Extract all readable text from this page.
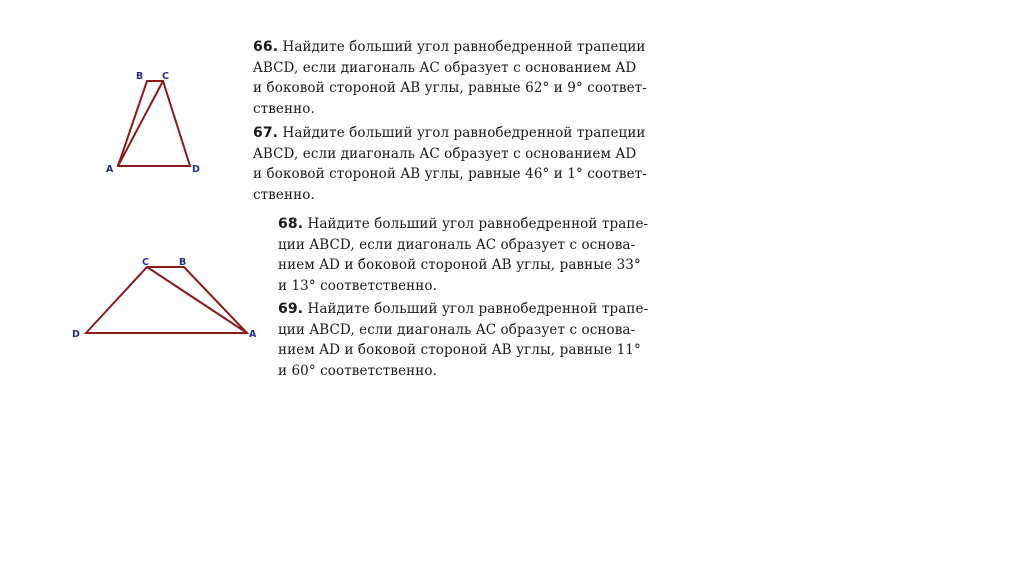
B C
A	D
C	B
D	A
66. Найдите больший угол равнобедренной трапеции
ABCD, если диагональ AC образует с основанием AD
и боковой стороной AB углы, равные 62° и 9° соответ-
ственно.
67. Найдите больший угол равнобедренной трапеции
ABCD, если диагональ AC образует с основанием AD
и боковой стороной AB углы, равные 46° и 1° соответ-
ственно.
68. Найдите больший угол равнобедренной трапе-
ции ABCD, если диагональ AC образует с основа-
нием AD и боковой стороной AB углы, равные 33°
и 13° соответственно.
69. Найдите больший угол равнобедренной трапе-
ции ABCD, если диагональ AC образует с основа-
нием AD и боковой стороной AB углы, равные 11°
и 60° соответственно.
